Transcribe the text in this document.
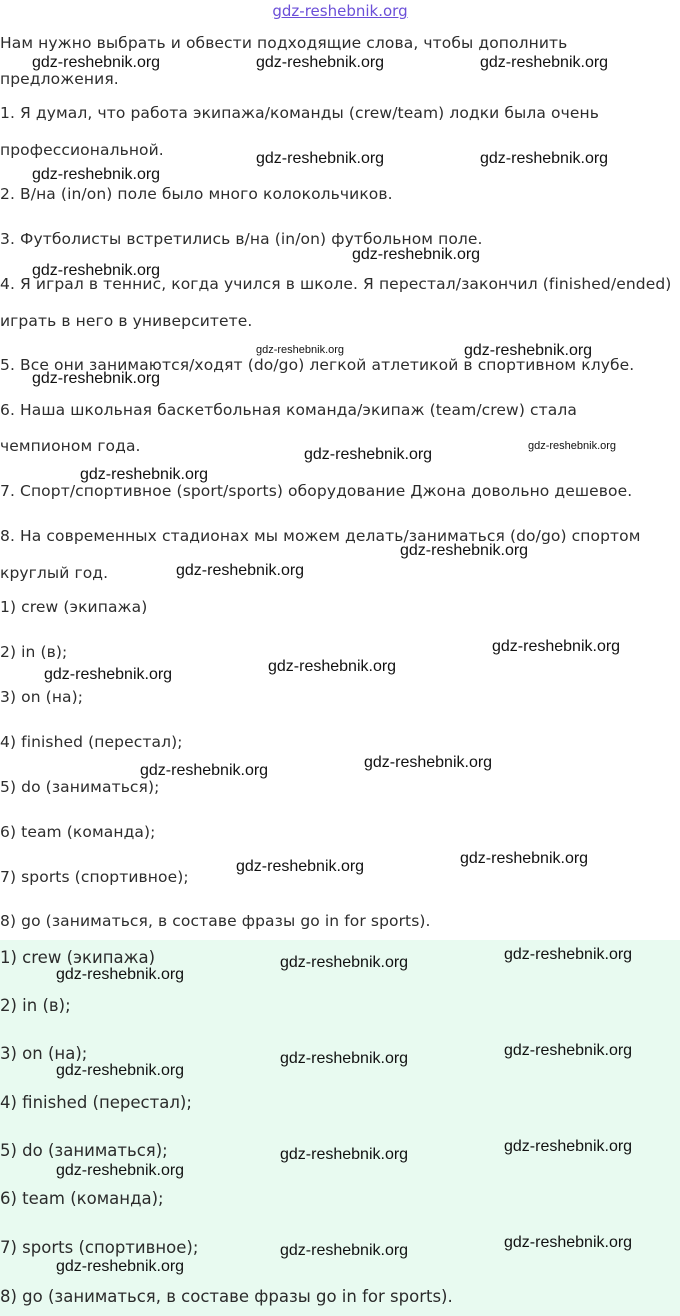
gdz-reshebnik.org
Нам нужно выбрать и обвести подходящие слова, чтобы дополнить
предложения.
1. Я думал, что работа экипажа/команды (crew/team) лодки была очень
профессиональной.
2. В/на (in/on) поле было много колокольчиков.
3. Футболисты встретились в/на (in/on) футбольном поле.
4. Я играл в теннис, когда учился в школе. Я перестал/закончил (finished/ended)
играть в него в университете.
5. Все они занимаются/ходят (do/go) легкой атлетикой в спортивном клубе.
6. Наша школьная баскетбольная команда/экипаж (team/crew) стала
чемпионом года.
7. Спорт/спортивное (sport/sports) оборудование Джона довольно дешевое.
8. На современных стадионах мы можем делать/заниматься (do/go) спортом
круглый год.
1) crew (экипажа)
2) in (в);
3) on (на);
4) finished (перестал);
5) do (заниматься);
6) team (команда);
7) sports (спортивное);
8) go (заниматься, в составе фразы go in for sports).
1) crew (экипажа)
2) in (в);
3) on (на);
4) finished (перестал);
5) do (заниматься);
6) team (команда);
7) sports (спортивное);
8) go (заниматься, в составе фразы go in for sports).
gdz-reshebnik.org	gdz-reshebnik.org	gdz-reshebnik.org
gdz-reshebnik.org	gdz-reshebnik.org
gdz-reshebnik.org
gdz-reshebnik.org
gdz-reshebnik.org
gdz-reshebnik.org	gdz-reshebnik.org
gdz-reshebnik.org
gdz-reshebnik.org
gdz-reshebnik.org
gdz-reshebnik.org
gdz-reshebnik.org
gdz-reshebnik.org
gdz-reshebnik.org
gdz-reshebnik.org
gdz-reshebnik.org
gdz-reshebnik.org
gdz-reshebnik.org
gdz-reshebnik.org
gdz-reshebnik.org
gdz-reshebnik.org
gdz-reshebnik.org
gdz-reshebnik.org
gdz-reshebnik.org
gdz-reshebnik.org
gdz-reshebnik.org
gdz-reshebnik.org
gdz-reshebnik.org
gdz-reshebnik.org
gdz-reshebnik.org
gdz-reshebnik.org
gdz-reshebnik.org
